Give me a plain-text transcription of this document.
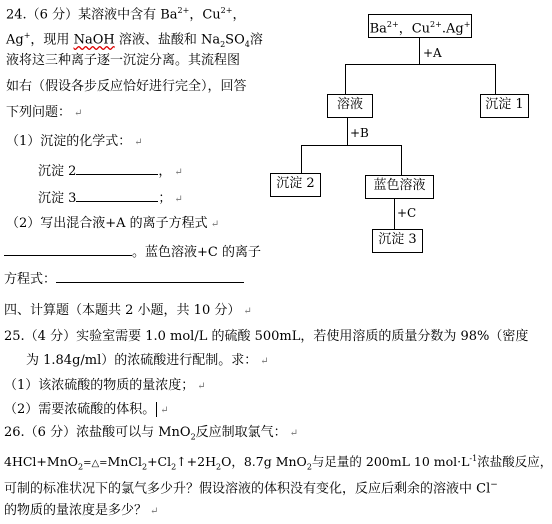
24.（6 分）某溶液中含有 $Ba^{2+}$，$Cu^{2+}$，
Ag+，现用 NaOH 溶液、盐酸和 $Na_2SO_4$溶
液将这三种离子逐一沉淀分离。其流程图
如右（假设各步反应恰好进行完全），回答
下列问题： ↵
（1）沉淀的化学式： ↵
沉淀 2	， ↵
沉淀 3	； ↵
（2）写出混合液+A 的离子方程式 ↵
。蓝色溶液+C 的离子
方程式：
$Ba^{2+}$，$Cu^{2+}.Ag^+$
+A
溶液	沉淀 1
+B
沉淀 2	蓝色溶液
+C
沉淀 3
四、计算题（本题共 2 小题，共 10 分） ↵
25.（4 分）实验室需要 1.0 mol/L 的硫酸 500mL，若使用溶质的质量分数为 98%（密度
为 1.84g/ml）的浓硫酸进行配制。求： ↵
（1）该浓硫酸的物质的量浓度； ↵
（2）需要浓硫酸的体积。 ↵
26.（6 分）浓盐酸可以与 MnO$_2$反应制取氯气： ↵
$4HCl+MnO_2=\triangle=MnCl_2+Cl_2↑+2H_2O$，8.7g MnO$_2$与足量的 200mL 10 $mol\cdot L^{-1}$浓盐酸反应，
可制的标准状况下的氯气多少升？假设溶液的体积没有变化，反应后剩余的溶液中 Cl−
的物质的量浓度是多少？ ↵
